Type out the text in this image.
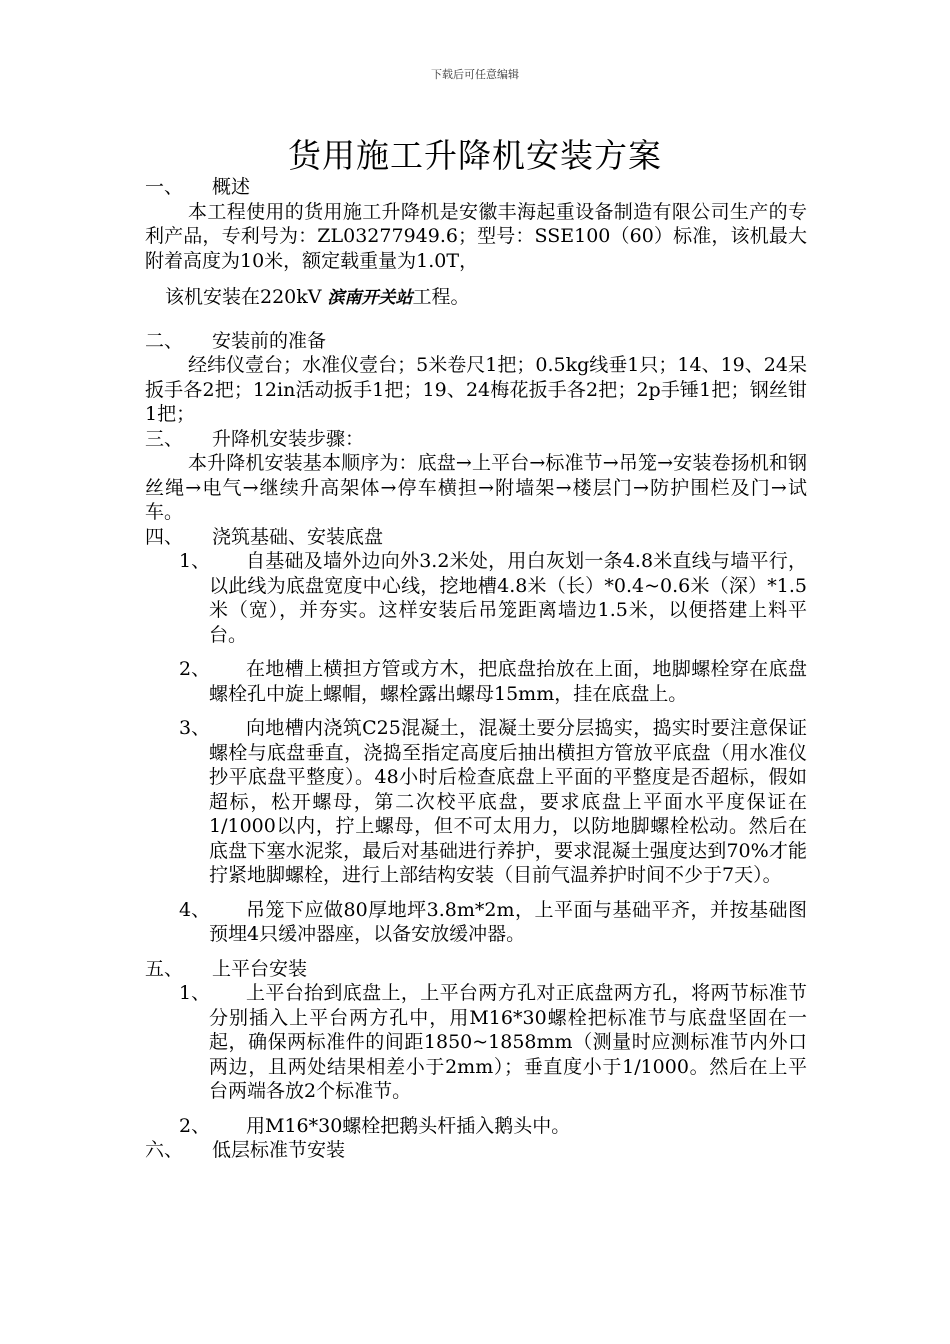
下载后可任意编辑
货用施工升降机安装方案
一、 概述
本工程使用的货用施工升降机是安徽丰海起重设备制造有限公司生产的专利产品，专利号为：ZL03277949.6；型号：SSE100（60）标准，该机最大附着高度为10米，额定载重量为1.0T，
该机安装在220kV 滨南开关站工程。
二、 安装前的准备
经纬仪壹台；水准仪壹台；5米卷尺1把；0.5kg线垂1只；14、19、24呆扳手各2把；12in活动扳手1把；19、24梅花扳手各2把；2p手锤1把；钢丝钳1把；
三、 升降机安装步骤：
本升降机安装基本顺序为：底盘→上平台→标准节→吊笼→安装卷扬机和钢丝绳→电气→继续升高架体→停车横担→附墙架→楼层门→防护围栏及门→试车。
四、 浇筑基础、安装底盘
1、	自基础及墙外边向外3.2米处，用白灰划一条4.8米直线与墙平行，以此线为底盘宽度中心线，挖地槽4.8米（长）*0.4~0.6米（深）*1.5米（宽），并夯实。这样安装后吊笼距离墙边1.5米，以便搭建上料平台。
2、	在地槽上横担方管或方木，把底盘抬放在上面，地脚螺栓穿在底盘螺栓孔中旋上螺帽，螺栓露出螺母15mm，挂在底盘上。
3、	向地槽内浇筑C25混凝土，混凝土要分层捣实，捣实时要注意保证螺栓与底盘垂直，浇捣至指定高度后抽出横担方管放平底盘（用水准仪抄平底盘平整度）。48小时后检查底盘上平面的平整度是否超标，假如超标，松开螺母，第二次校平底盘，要求底盘上平面水平度保证在1/1000以内，拧上螺母，但不可太用力，以防地脚螺栓松动。然后在底盘下塞水泥浆，最后对基础进行养护，要求混凝土强度达到70%才能拧紧地脚螺栓，进行上部结构安装（目前气温养护时间不少于7天）。
4、	吊笼下应做80厚地坪3.8m*2m，上平面与基础平齐，并按基础图预埋4只缓冲器座，以备安放缓冲器。
五、 上平台安装
1、	上平台抬到底盘上，上平台两方孔对正底盘两方孔，将两节标准节分别插入上平台两方孔中，用M16*30螺栓把标准节与底盘坚固在一起，确保两标准件的间距1850~1858mm（测量时应测标准节内外口两边，且两处结果相差小于2mm）；垂直度小于1/1000。然后在上平台两端各放2个标准节。
2、	用M16*30螺栓把鹅头杆插入鹅头中。
六、 低层标准节安装
